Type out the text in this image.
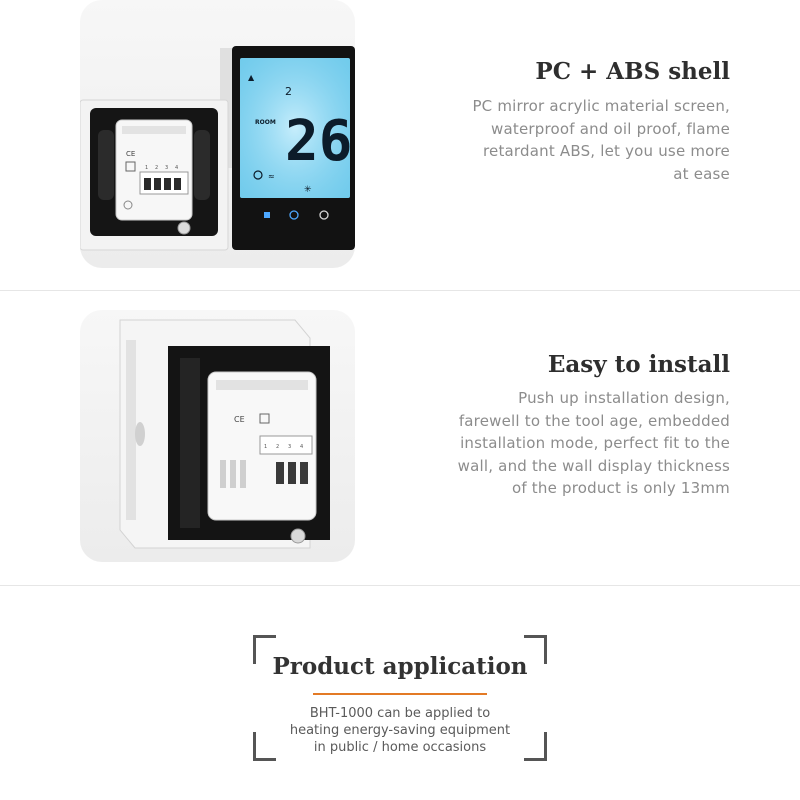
CE
1 2 3 4
▲
2
ROOM 26
≈
✳
PC + ABS shell
PC mirror acrylic material screen,
waterproof and oil proof, flame
retardant ABS, let you use more
at ease
CE
1 2 3 4
Easy to install
Push up installation design,
farewell to the tool age, embedded
installation mode, perfect fit to the
wall, and the wall display thickness
of the product is only 13mm
Product application
BHT-1000 can be applied to
heating energy-saving equipment
in public / home occasions
